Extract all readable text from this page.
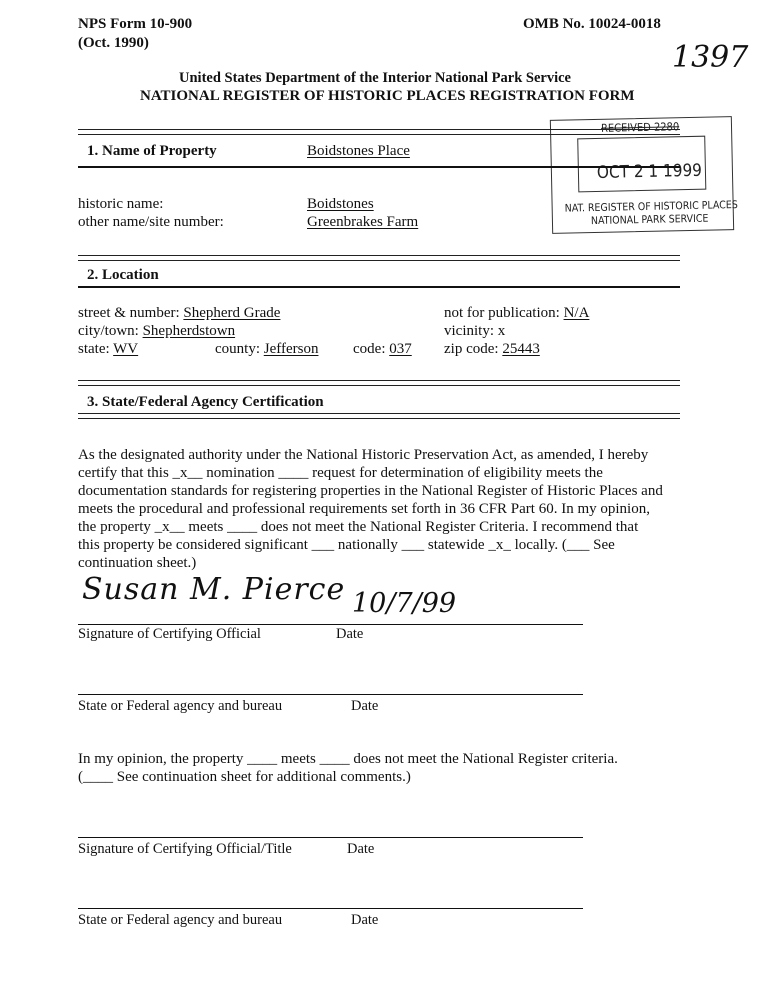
NPS Form 10-900
(Oct. 1990)
OMB No. 10024-0018
1397
United States Department of the Interior National Park Service
NATIONAL REGISTER OF HISTORIC PLACES REGISTRATION FORM
RECEIVED 2280
OCT 2 1 1999
NAT. REGISTER OF HISTORIC PLACES
NATIONAL PARK SERVICE
1. Name of Property	Boidstones Place
historic name:	Boidstones
other name/site number:	Greenbrakes Farm
2. Location
street & number: Shepherd Grade
city/town: Shepherdstown
state: WV	county: Jefferson code: 037
not for publication: N/A
vicinity: x
zip code: 25443
3. State/Federal Agency Certification
As the designated authority under the National Historic Preservation Act, as amended, I hereby
certify that this _x__ nomination ____ request for determination of eligibility meets the
documentation standards for registering properties in the National Register of Historic Places and
meets the procedural and professional requirements set forth in 36 CFR Part 60. In my opinion,
the property _x__ meets ____ does not meet the National Register Criteria. I recommend that
this property be considered significant ___ nationally ___ statewide _x_ locally. (___ See
continuation sheet.)
Susan M. Pierce 10/7/99
Signature of Certifying Official	Date
State or Federal agency and bureau	Date
In my opinion, the property ____ meets ____ does not meet the National Register criteria.
(____ See continuation sheet for additional comments.)
Signature of Certifying Official/Title	Date
State or Federal agency and bureau	Date
